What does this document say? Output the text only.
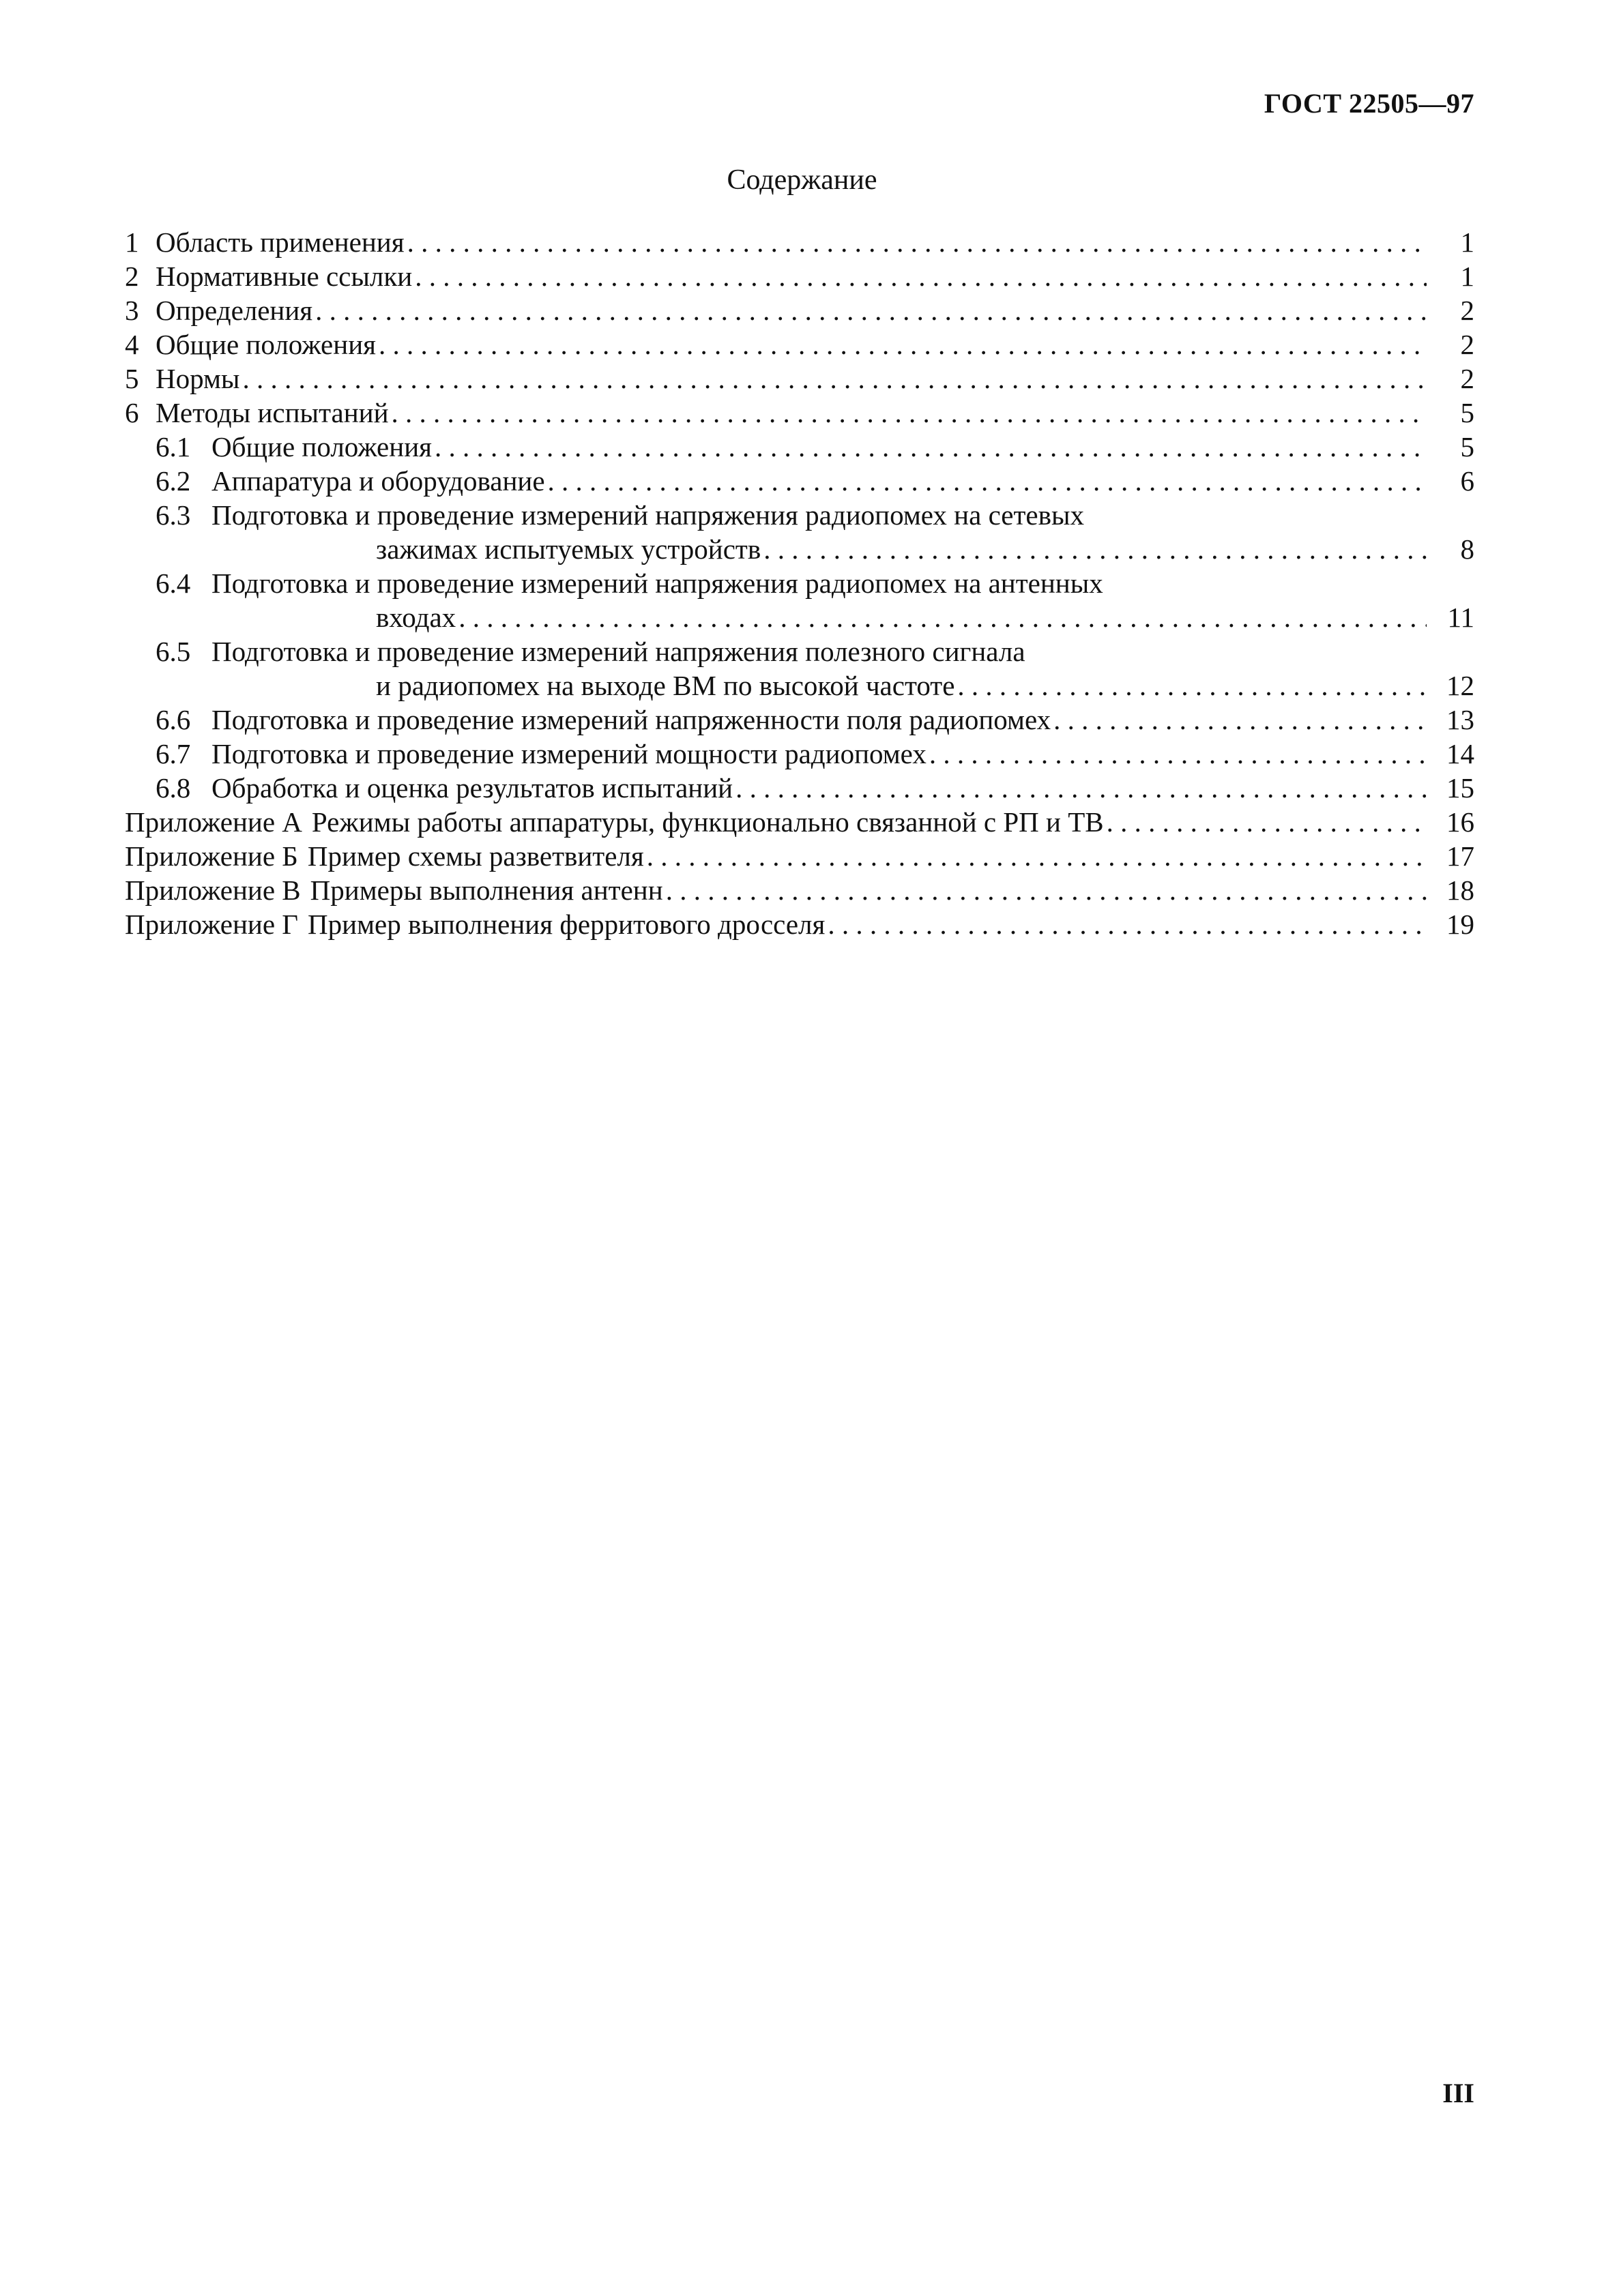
ГОСТ 22505—97
Содержание
1 Область применения . . .	1
2 Нормативные ссылки . . .	1
3 Определения . . .	2
4 Общие положения . . .	2
5 Нормы . . .	2
6 Методы испытаний . . .	5
6.1 Общие положения . . .	5
6.2 Аппаратура и оборудование . . .	6
6.3 Подготовка и проведение измерений напряжения радиопомех на сетевых
зажимах испытуемых устройств . . .	8
6.4 Подготовка и проведение измерений напряжения радиопомех на антенных
входах . . .	11
6.5 Подготовка и проведение измерений напряжения полезного сигнала
и радиопомех на выходе ВМ по высокой частоте . . .	12
6.6 Подготовка и проведение измерений напряженности поля радиопомех . . .	13
6.7 Подготовка и проведение измерений мощности радиопомех . . .	14
6.8 Обработка и оценка результатов испытаний . . .	15
Приложение А Режимы работы аппаратуры, функционально связанной с РП и ТВ . . .	16
Приложение Б Пример схемы разветвителя . . .	17
Приложение В Примеры выполнения антенн . . .	18
Приложение Г Пример выполнения ферритового дросселя . . .	19
III
